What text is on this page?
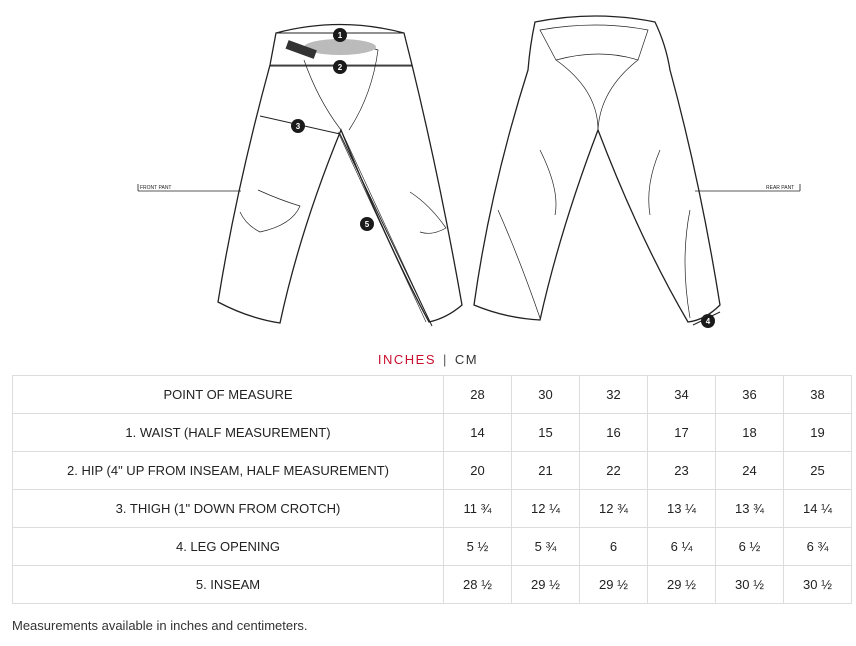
1
2
3
4
5
FRONT PANT	REAR PANT
INCHES | CM
POINT OF MEASURE	28	30	32	34	36	38
1. WAIST (HALF MEASUREMENT)	14	15	16	17	18	19
2. HIP (4" UP FROM INSEAM, HALF MEASUREMENT)	20	21	22	23	24	25
3. THIGH (1" DOWN FROM CROTCH)	11 ¾	12 ¼	12 ¾	13 ¼	13 ¾	14 ¼
4. LEG OPENING	5 ½	5 ¾	6	6 ¼	6 ½	6 ¾
5. INSEAM	28 ½	29 ½	29 ½	29 ½	30 ½	30 ½
Measurements available in inches and centimeters.
